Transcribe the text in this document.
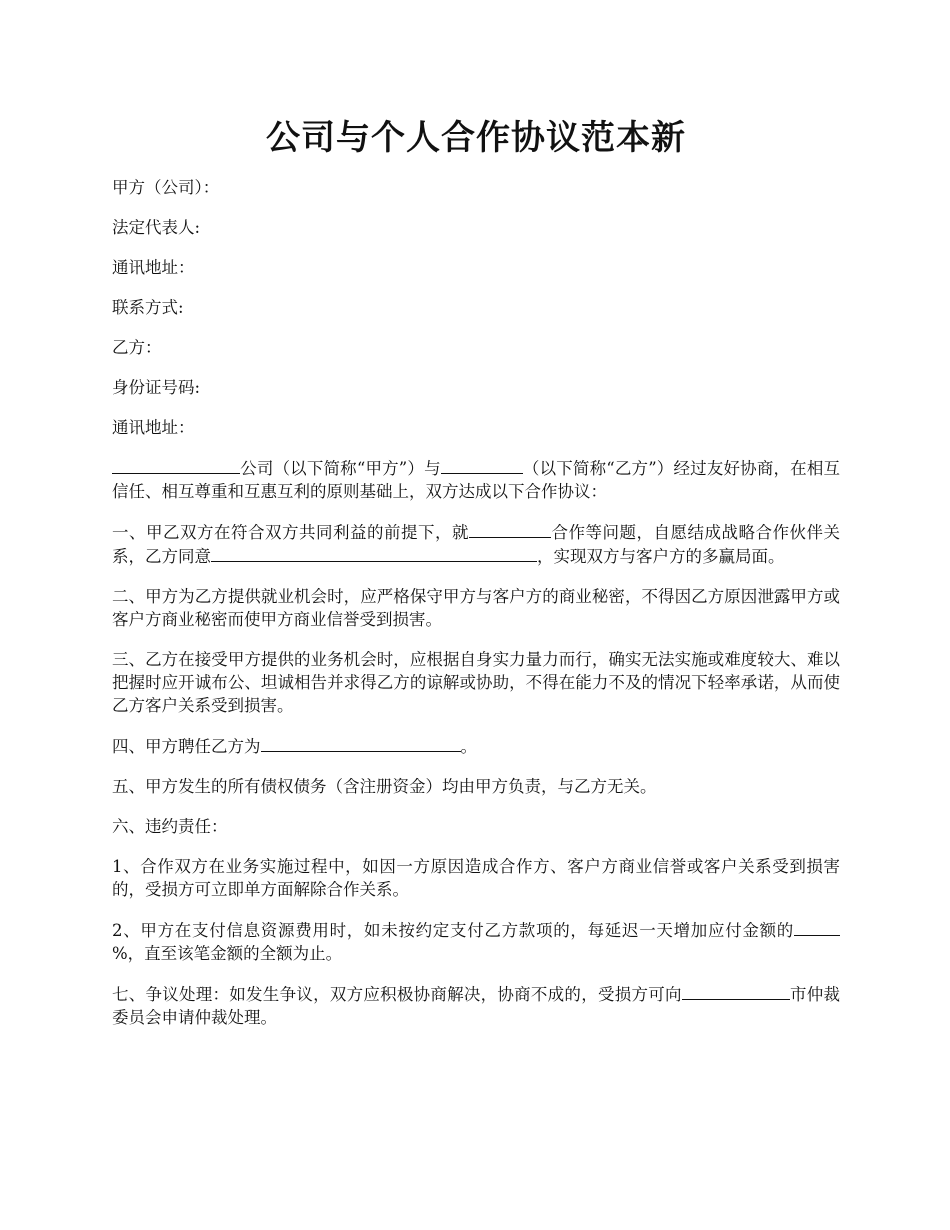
公司与个人合作协议范本新

甲方（公司）：

法定代表人:

通讯地址：

联系方式:

乙方：

身份证号码:

通讯地址：

公司（以下简称“甲方”）与	（以下简称“乙方”）经过友好协商，在相互信任、相互尊重和互惠互利的原则基础上，双方达成以下合作协议：

一、甲乙双方在符合双方共同利益的前提下，就	合作等问题，自愿结成战略合作伙伴关系，乙方同意	，实现双方与客户方的多赢局面。

二、甲方为乙方提供就业机会时，应严格保守甲方与客户方的商业秘密，不得因乙方原因泄露甲方或客户方商业秘密而使甲方商业信誉受到损害。

三、乙方在接受甲方提供的业务机会时，应根据自身实力量力而行，确实无法实施或难度较大、难以把握时应开诚布公、坦诚相告并求得乙方的谅解或协助，不得在能力不及的情况下轻率承诺，从而使乙方客户关系受到损害。

四、甲方聘任乙方为	。

五、甲方发生的所有债权债务（含注册资金）均由甲方负责，与乙方无关。

六、违约责任：

1、合作双方在业务实施过程中，如因一方原因造成合作方、客户方商业信誉或客户关系受到损害的，受损方可立即单方面解除合作关系。

2、甲方在支付信息资源费用时，如未按约定支付乙方款项的，每延迟一天增加应付金额的%，直至该笔金额的全额为止。

七、争议处理：如发生争议，双方应积极协商解决，协商不成的，受损方可向	市仲裁委员会申请仲裁处理。
